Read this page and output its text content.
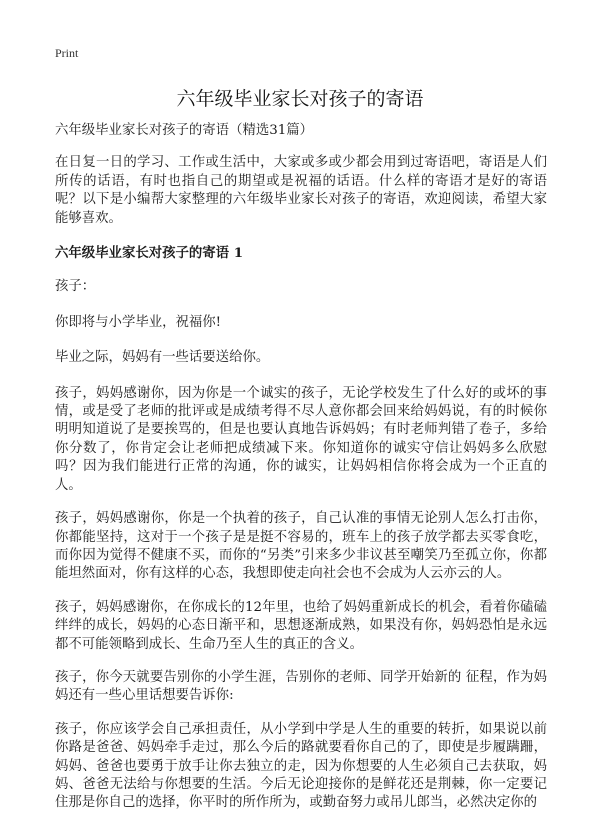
Print
六年级毕业家长对孩子的寄语

六年级毕业家长对孩子的寄语（精选31篇）

在日复一日的学习、工作或生活中，大家或多或少都会用到过寄语吧，寄语是人们所传的话语，有时也指自己的期望或是祝福的话语。什么样的寄语才是好的寄语呢？以下是小编帮大家整理的六年级毕业家长对孩子的寄语，欢迎阅读，希望大家能够喜欢。

六年级毕业家长对孩子的寄语 1

孩子：

你即将与小学毕业，祝福你!

毕业之际，妈妈有一些话要送给你。

孩子，妈妈感谢你，因为你是一个诚实的孩子，无论学校发生了什么好的或坏的事情，或是受了老师的批评或是成绩考得不尽人意你都会回来给妈妈说，有的时候你明明知道说了是要挨骂的，但是也要认真地告诉妈妈；有时老师判错了卷子，多给你分数了，你肯定会让老师把成绩减下来。你知道你的诚实守信让妈妈多么欣慰吗？因为我们能进行正常的沟通，你的诚实，让妈妈相信你将会成为一个正直的人。

孩子，妈妈感谢你，你是一个执着的孩子，自己认准的事情无论别人怎么打击你，你都能坚持，这对于一个孩子是是挺不容易的，班车上的孩子放学都去买零食吃，而你因为觉得不健康不买，而你的“另类”引来多少非议甚至嘲笑乃至孤立你，你都能坦然面对，你有这样的心态，我想即使走向社会也不会成为人云亦云的人。

孩子，妈妈感谢你，在你成长的12年里，也给了妈妈重新成长的机会，看着你磕磕绊绊的成长，妈妈的心态日渐平和，思想逐渐成熟，如果没有你，妈妈恐怕是永远都不可能领略到成长、生命乃至人生的真正的含义。

孩子，你今天就要告别你的小学生涯，告别你的老师、同学开始新的 征程，作为妈妈还有一些心里话想要告诉你:

孩子，你应该学会自己承担责任，从小学到中学是人生的重要的转折，如果说以前你路是爸爸、妈妈牵手走过，那么今后的路就要看你自己的了，即使是步履蹒跚，妈妈、爸爸也要勇于放手让你去独立的走，因为你想要的人生必须自己去获取，妈妈、爸爸无法给与你想要的生活。今后无论迎接你的是鲜花还是荆棘，你一定要记住那是你自己的选择，你平时的所作所为，或勤奋努力或吊儿郎当，必然决定你的
